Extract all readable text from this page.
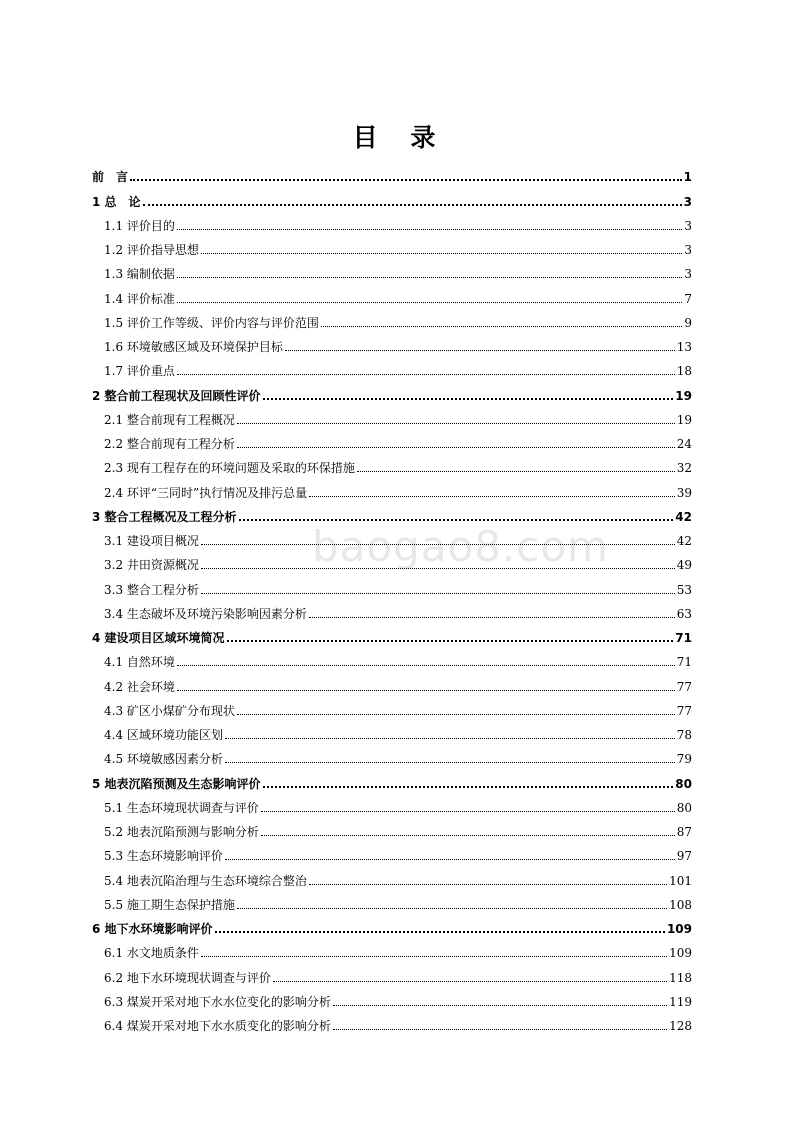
目 录
baogao8.com
前　言	1
1 总　论	3
1.1 评价目的	3
1.2 评价指导思想	3
1.3 编制依据	3
1.4 评价标准	7
1.5 评价工作等级、评价内容与评价范围	9
1.6 环境敏感区域及环境保护目标	13
1.7 评价重点	18
2 整合前工程现状及回顾性评价	19
2.1 整合前现有工程概况	19
2.2 整合前现有工程分析	24
2.3 现有工程存在的环境问题及采取的环保措施	32
2.4 环评“三同时”执行情况及排污总量	39
3 整合工程概况及工程分析	42
3.1 建设项目概况	42
3.2 井田资源概况	49
3.3 整合工程分析	53
3.4 生态破坏及环境污染影响因素分析	63
4 建设项目区域环境简况	71
4.1 自然环境	71
4.2 社会环境	77
4.3 矿区小煤矿分布现状	77
4.4 区域环境功能区划	78
4.5 环境敏感因素分析	79
5 地表沉陷预测及生态影响评价	80
5.1 生态环境现状调查与评价	80
5.2 地表沉陷预测与影响分析	87
5.3 生态环境影响评价	97
5.4 地表沉陷治理与生态环境综合整治	101
5.5 施工期生态保护措施	108
6 地下水环境影响评价	109
6.1 水文地质条件	109
6.2 地下水环境现状调查与评价	118
6.3 煤炭开采对地下水水位变化的影响分析	119
6.4 煤炭开采对地下水水质变化的影响分析	128
